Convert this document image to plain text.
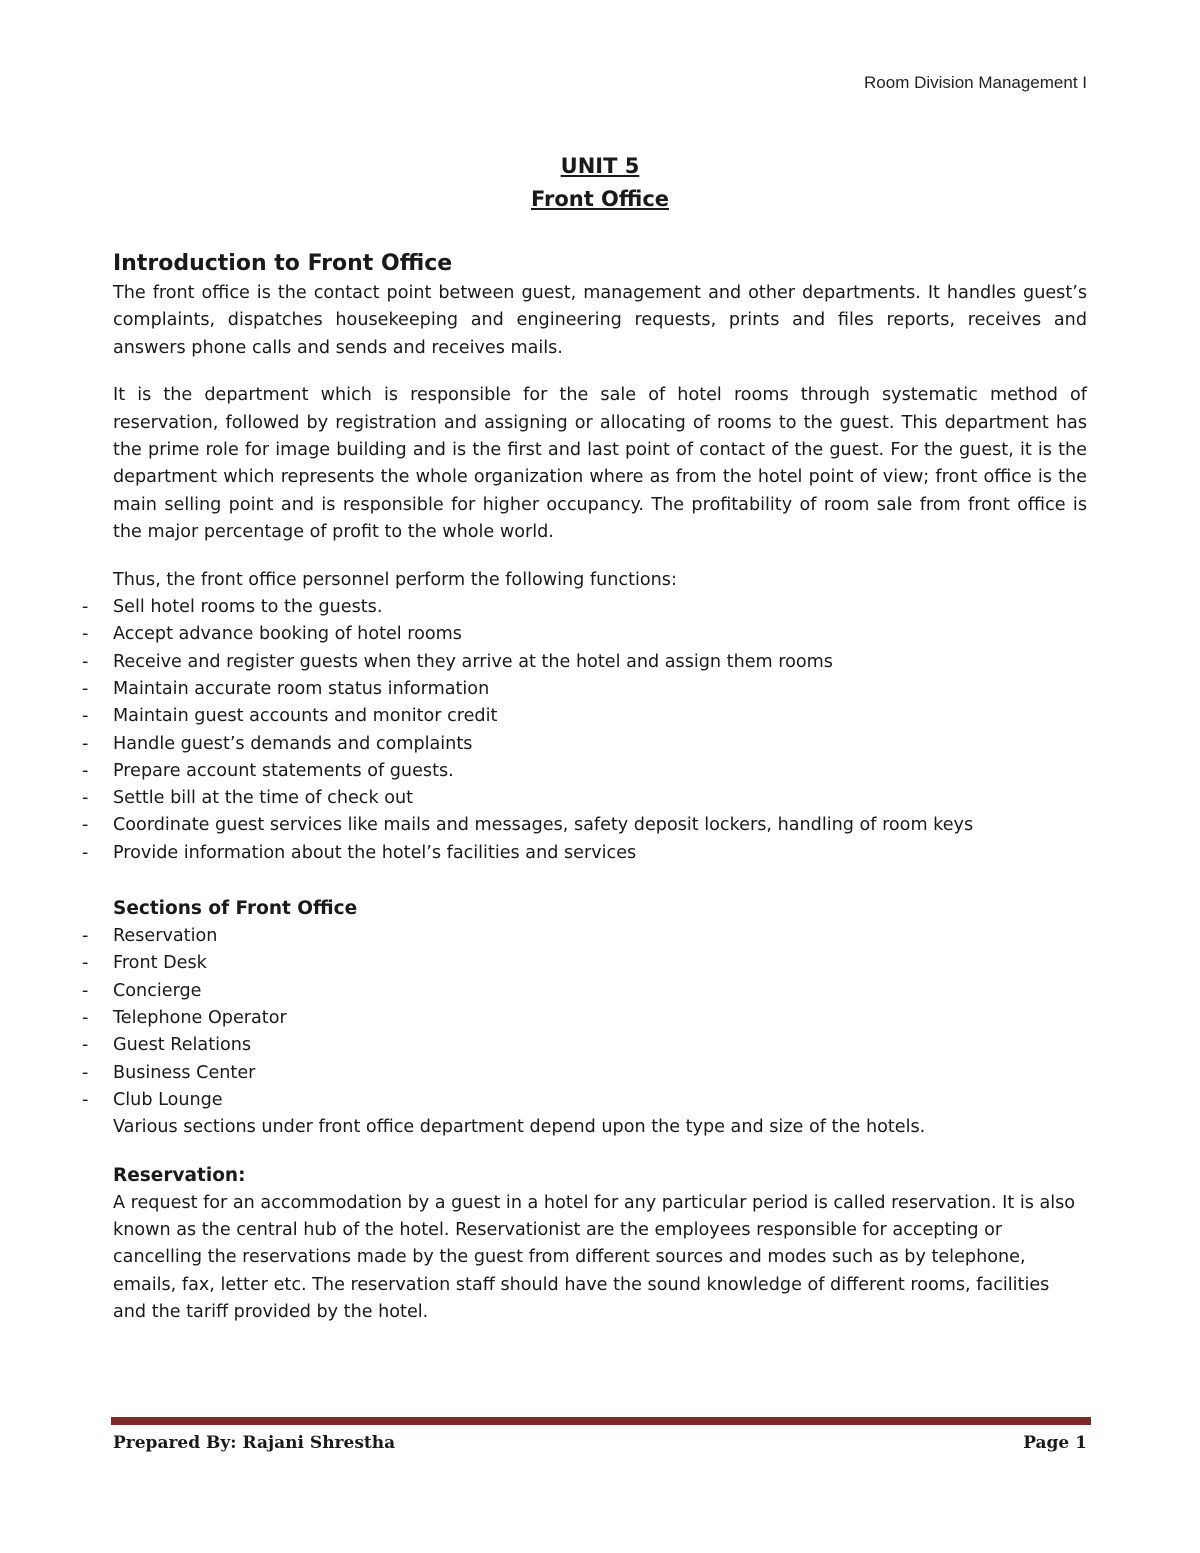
Room Division Management I
UNIT 5
Front Office
Introduction to Front Office

The front office is the contact point between guest, management and other departments. It handles guest’s complaints, dispatches housekeeping and engineering requests, prints and files reports, receives and answers phone calls and sends and receives mails.

It is the department which is responsible for the sale of hotel rooms through systematic method of reservation, followed by registration and assigning or allocating of rooms to the guest. This department has the prime role for image building and is the first and last point of contact of the guest. For the guest, it is the department which represents the whole organization where as from the hotel point of view; front office is the main selling point and is responsible for higher occupancy. The profitability of room sale from front office is the major percentage of profit to the whole world.

Thus, the front office personnel perform the following functions:

- Sell hotel rooms to the guests.
- Accept advance booking of hotel rooms
- Receive and register guests when they arrive at the hotel and assign them rooms
- Maintain accurate room status information
- Maintain guest accounts and monitor credit
- Handle guest’s demands and complaints
- Prepare account statements of guests.
- Settle bill at the time of check out
- Coordinate guest services like mails and messages, safety deposit lockers, handling of room keys
- Provide information about the hotel’s facilities and services
Sections of Front Office
- Reservation
- Front Desk
- Concierge
- Telephone Operator
- Guest Relations
- Business Center
- Club Lounge

Various sections under front office department depend upon the type and size of the hotels.

Reservation:

A request for an accommodation by a guest in a hotel for any particular period is called reservation. It is also known as the central hub of the hotel. Reservationist are the employees responsible for accepting or cancelling the reservations made by the guest from different sources and modes such as by telephone, emails, fax, letter etc. The reservation staff should have the sound knowledge of different rooms, facilities and the tariff provided by the hotel.

Prepared By: Rajani Shrestha	Page 1
